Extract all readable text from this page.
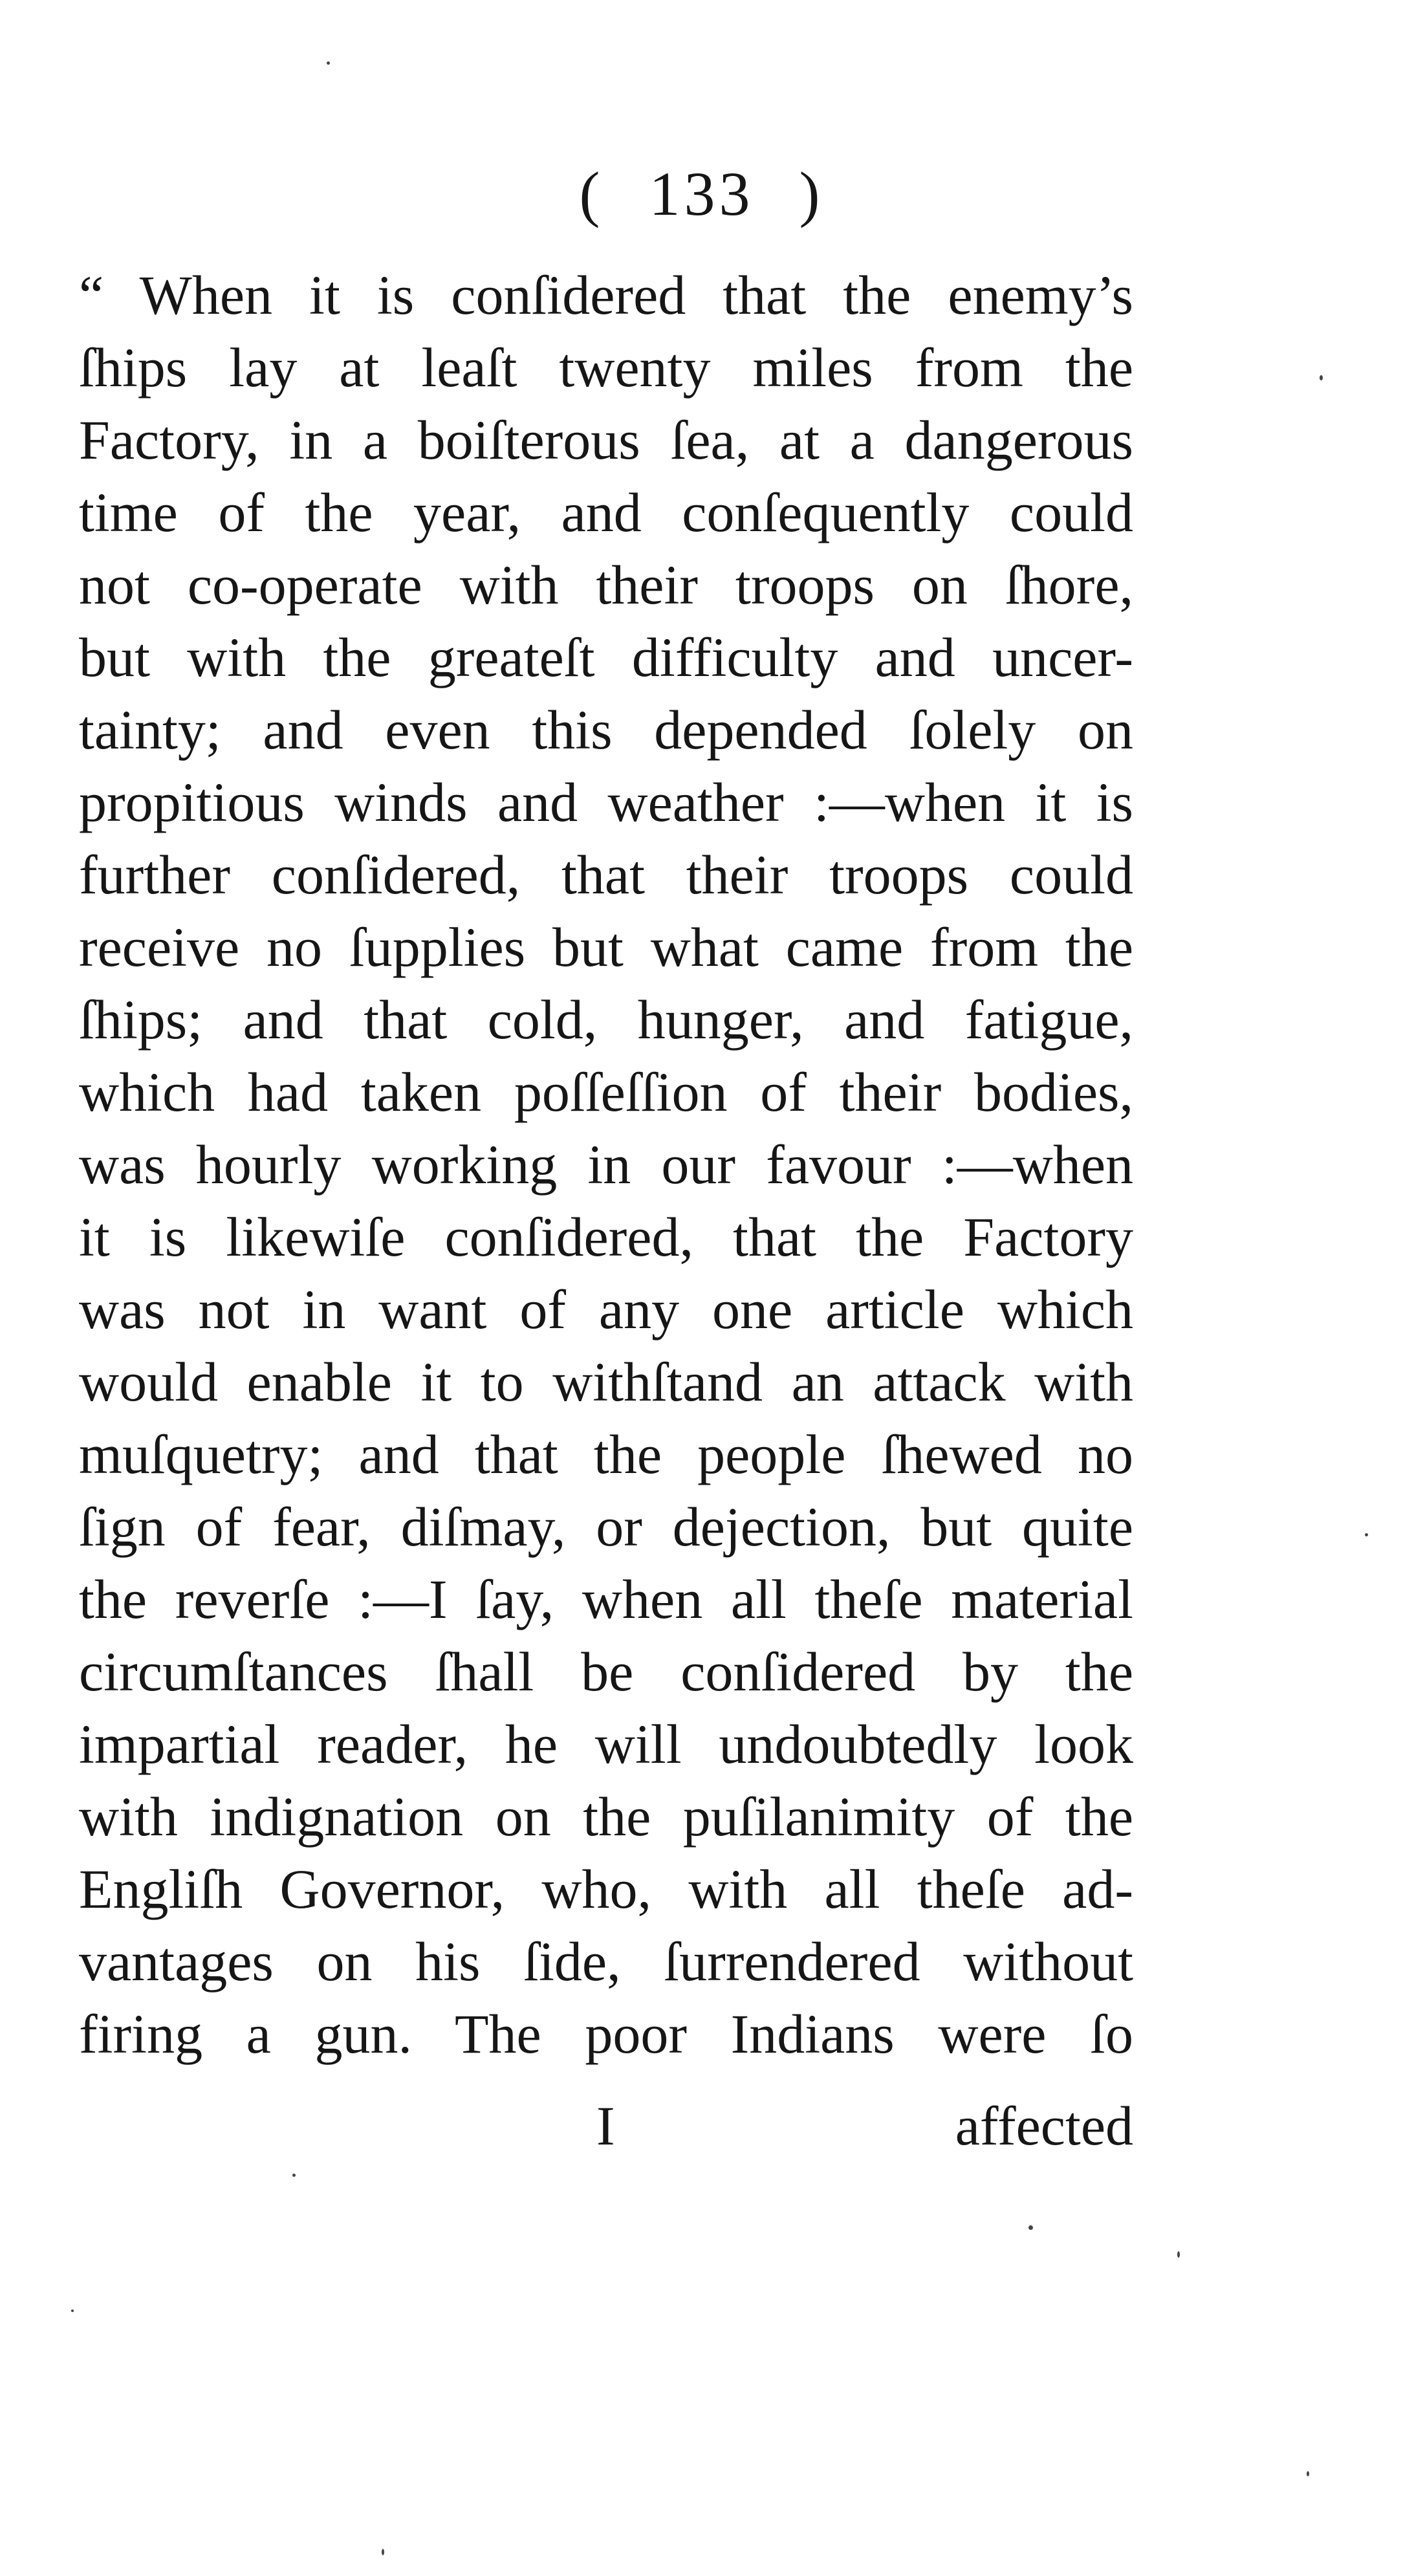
( 133 )
“ When it is conſidered that the enemy’s
ſhips lay at leaſt twenty miles from the
Factory, in a boiſterous ſea, at a dangerous
time of the year, and conſequently could
not co-operate with their troops on ſhore,
but with the greateſt difficulty and uncer-
tainty; and even this depended ſolely on
propitious winds and weather :—when it is
further conſidered, that their troops could
receive no ſupplies but what came from the
ſhips; and that cold, hunger, and fatigue,
which had taken poſſeſſion of their bodies,
was hourly working in our favour :—when
it is likewiſe conſidered, that the Factory
was not in want of any one article which
would enable it to withſtand an attack with
muſquetry; and that the people ſhewed no
ſign of fear, diſmay, or dejection, but quite
the reverſe :—I ſay, when all theſe material
circumſtances ſhall be conſidered by the
impartial reader, he will undoubtedly look
with indignation on the puſilanimity of the
Engliſh Governor, who, with all theſe ad-
vantages on his ſide, ſurrendered without
firing a gun. The poor Indians were ſo
I	affected
